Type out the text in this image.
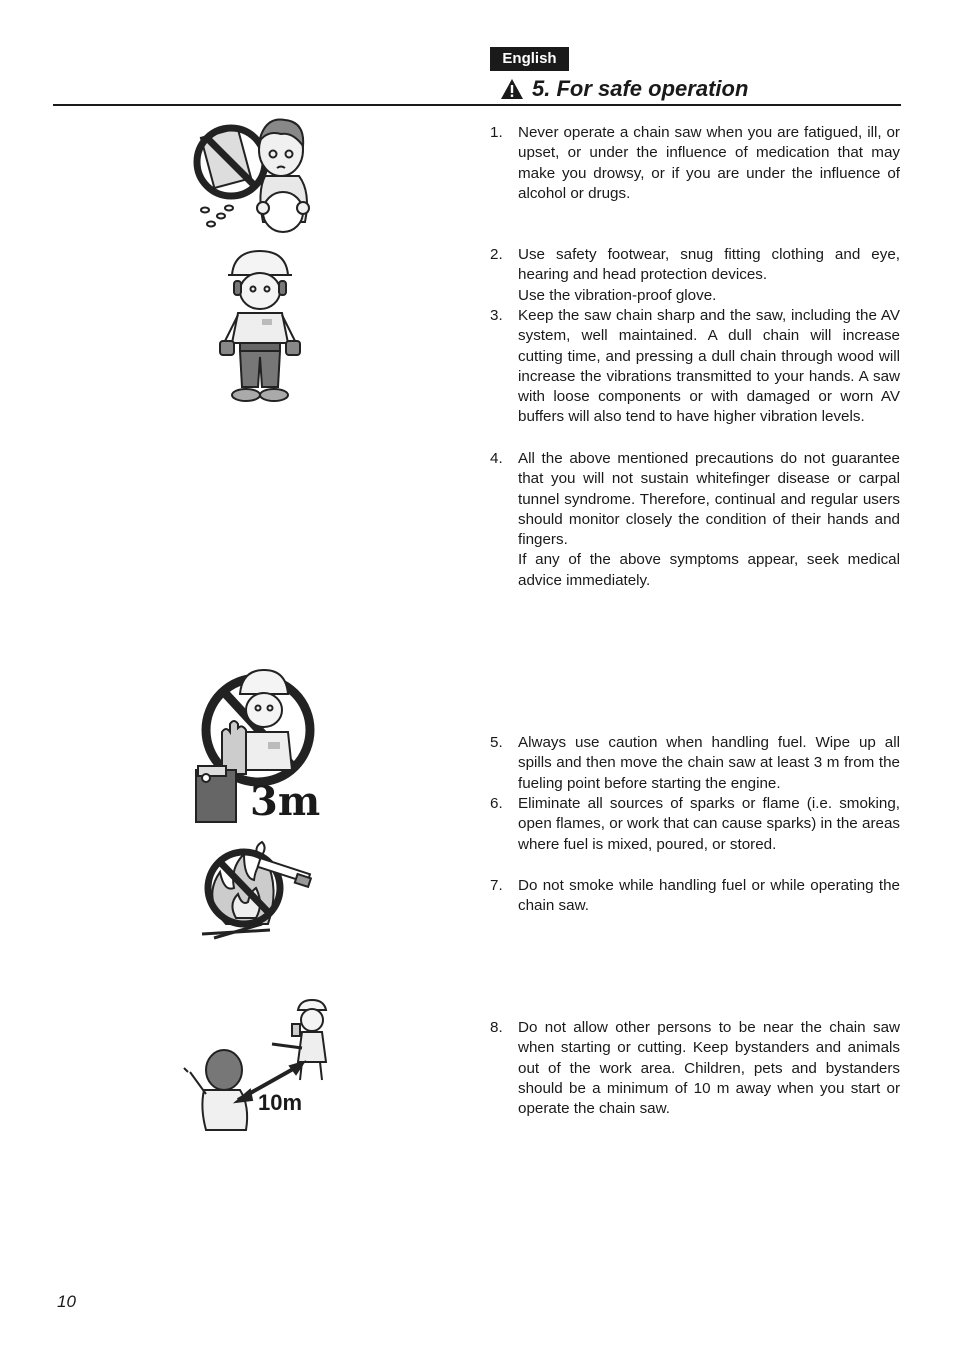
English
5. For safe operation
3m
10m
1.	Never operate a chain saw when you are fatigued, ill, or upset, or under the influence of medication that may make you drowsy, or if you are under the influence of alcohol or drugs.

2.	Use safety footwear, snug fitting clothing and eye, hearing and head protection devices.

Use the vibration-proof glove.

3.	Keep the saw chain sharp and the saw, including the AV system, well maintained. A dull chain will increase cutting time, and pressing a dull chain through wood will increase the vibrations transmitted to your hands. A saw with loose components or with damaged or worn AV buffers will also tend to have higher vibration levels.

4.	All the above mentioned precautions do not guarantee that you will not sustain whitefinger disease or carpal tunnel syndrome. Therefore, continual and regular users should monitor closely the condition of their hands and fingers.

If any of the above symptoms appear, seek medical advice immediately.

5.	Always use caution when handling fuel. Wipe up all spills and then move the chain saw at least 3 m from the fueling point before starting the engine.

6.	Eliminate all sources of sparks or flame (i.e. smoking, open flames, or work that can cause sparks) in the areas where fuel is mixed, poured, or stored.

7.	Do not smoke while handling fuel or while operating the chain saw.

8.	Do not allow other persons to be near the chain saw when starting or cutting. Keep bystanders and animals out of the work area. Children, pets and bystanders should be a minimum of 10 m away when you start or operate the chain saw.

10
